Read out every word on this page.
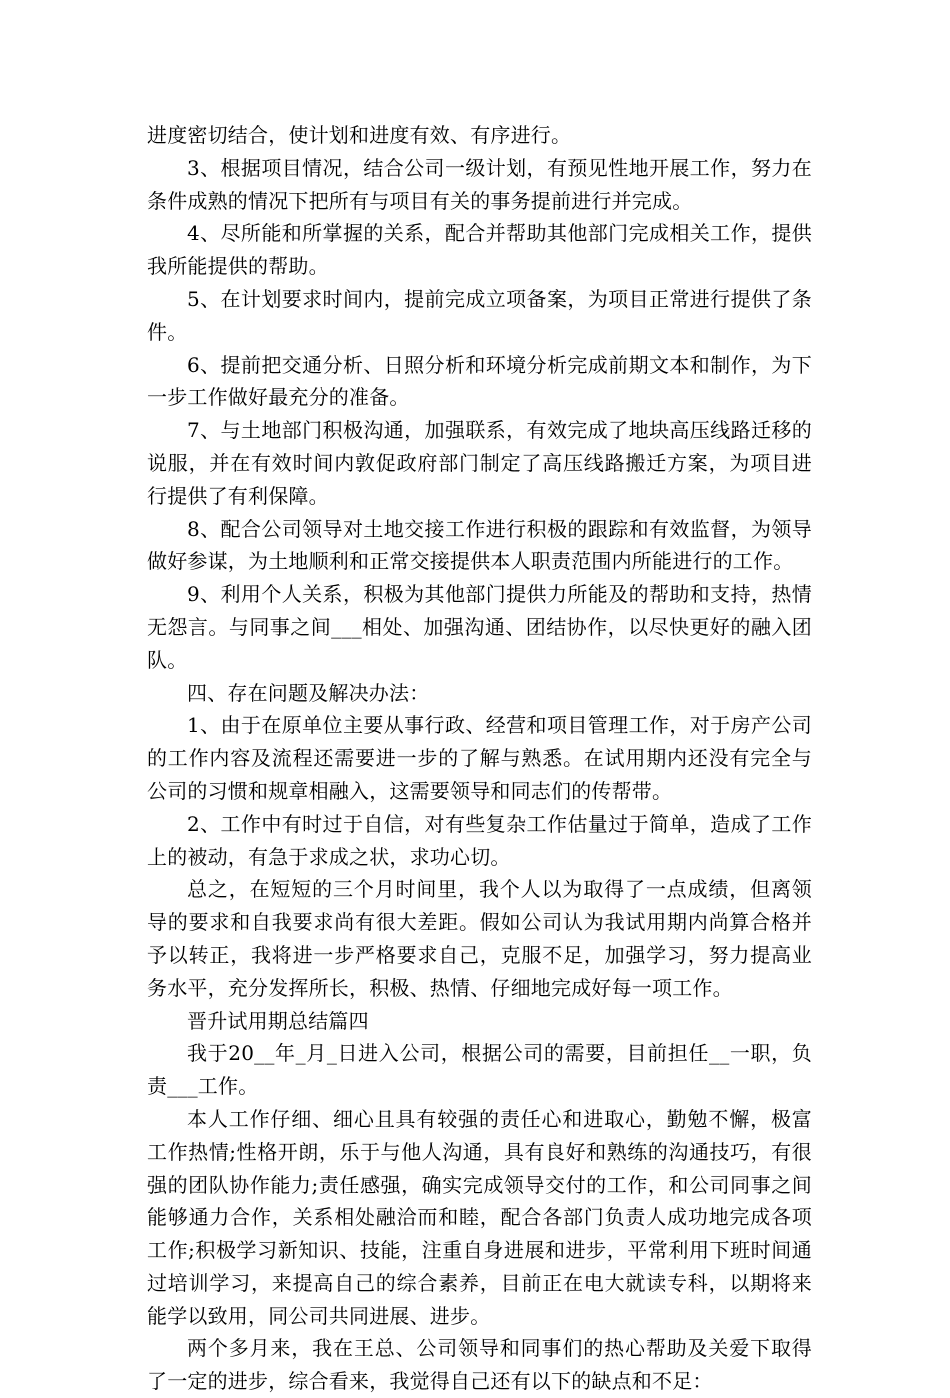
进度密切结合，使计划和进度有效、有序进行。

3、根据项目情况，结合公司一级计划，有预见性地开展工作，努力在条件成熟的情况下把所有与项目有关的事务提前进行并完成。

4、尽所能和所掌握的关系，配合并帮助其他部门完成相关工作，提供我所能提供的帮助。

5、在计划要求时间内，提前完成立项备案，为项目正常进行提供了条件。

6、提前把交通分析、日照分析和环境分析完成前期文本和制作，为下一步工作做好最充分的准备。

7、与土地部门积极沟通，加强联系，有效完成了地块高压线路迁移的说服，并在有效时间内敦促政府部门制定了高压线路搬迁方案，为项目进行提供了有利保障。

8、配合公司领导对土地交接工作进行积极的跟踪和有效监督，为领导做好参谋，为土地顺利和正常交接提供本人职责范围内所能进行的工作。

9、利用个人关系，积极为其他部门提供力所能及的帮助和支持，热情无怨言。与同事之间___相处、加强沟通、团结协作，以尽快更好的融入团队。

四、存在问题及解决办法：

1、由于在原单位主要从事行政、经营和项目管理工作，对于房产公司的工作内容及流程还需要进一步的了解与熟悉。在试用期内还没有完全与公司的习惯和规章相融入，这需要领导和同志们的传帮带。

2、工作中有时过于自信，对有些复杂工作估量过于简单，造成了工作上的被动，有急于求成之状，求功心切。

总之，在短短的三个月时间里，我个人以为取得了一点成绩，但离领导的要求和自我要求尚有很大差距。假如公司认为我试用期内尚算合格并予以转正，我将进一步严格要求自己，克服不足，加强学习，努力提高业务水平，充分发挥所长，积极、热情、仔细地完成好每一项工作。

晋升试用期总结篇四

我于20__年_月_日进入公司，根据公司的需要，目前担任__一职，负责___工作。

本人工作仔细、细心且具有较强的责任心和进取心，勤勉不懈，极富工作热情;性格开朗，乐于与他人沟通，具有良好和熟练的沟通技巧，有很强的团队协作能力;责任感强，确实完成领导交付的工作，和公司同事之间能够通力合作，关系相处融洽而和睦，配合各部门负责人成功地完成各项工作;积极学习新知识、技能，注重自身进展和进步，平常利用下班时间通过培训学习，来提高自己的综合素养，目前正在电大就读专科，以期将来能学以致用，同公司共同进展、进步。

两个多月来，我在王总、公司领导和同事们的热心帮助及关爱下取得了一定的进步，综合看来，我觉得自己还有以下的缺点和不足：
